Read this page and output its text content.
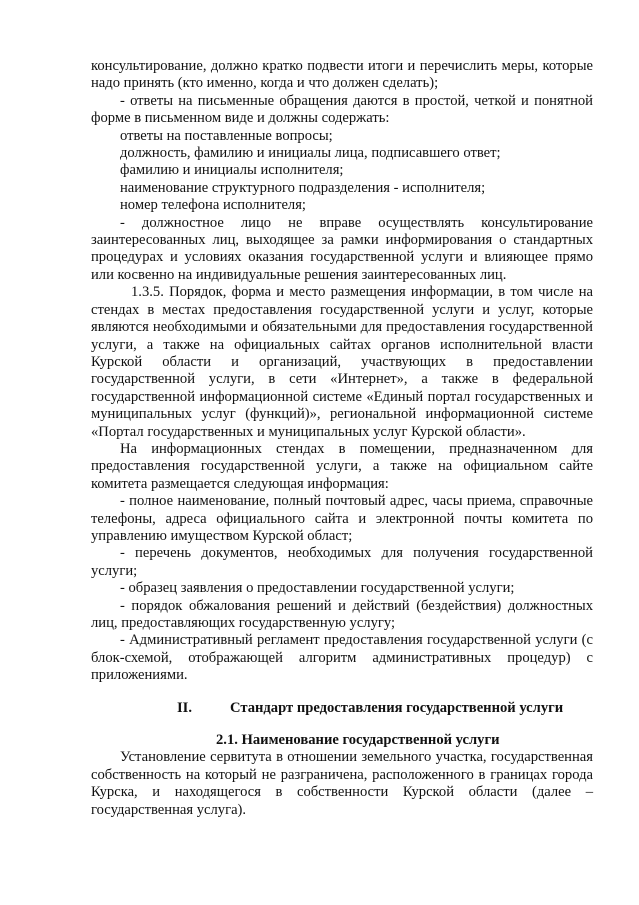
консультирование, должно кратко подвести итоги и перечислить меры, которые надо принять (кто именно, когда и что должен сделать);

- ответы на письменные обращения даются в простой, четкой и понятной форме в письменном виде и должны содержать:

ответы на поставленные вопросы;

должность, фамилию и инициалы лица, подписавшего ответ;

фамилию и инициалы исполнителя;

наименование структурного подразделения - исполнителя;

номер телефона исполнителя;

- должностное лицо не вправе осуществлять консультирование заинтересованных лиц, выходящее за рамки информирования о стандартных процедурах и условиях оказания государственной услуги и влияющее прямо или косвенно на индивидуальные решения заинтересованных лиц.

1.3.5. Порядок, форма и место размещения информации, в том числе на стендах в местах предоставления государственной услуги и услуг, которые являются необходимыми и обязательными для предоставления государственной услуги, а также на официальных сайтах органов исполнительной власти Курской области и организаций, участвующих в предоставлении государственной услуги, в сети «Интернет», а также в федеральной государственной информационной системе «Единый портал государственных и муниципальных услуг (функций)», региональной информационной системе «Портал государственных и муниципальных услуг Курской области».

На информационных стендах в помещении, предназначенном для предоставления государственной услуги, а также на официальном сайте комитета размещается следующая информация:

- полное наименование, полный почтовый адрес, часы приема, справочные телефоны, адреса официального сайта и электронной почты комитета по управлению имуществом Курской област;

- перечень документов, необходимых для получения государственной услуги;

- образец заявления о предоставлении государственной услуги;

- порядок обжалования решений и действий (бездействия) должностных лиц, предоставляющих государственную услугу;

- Административный регламент предоставления государственной услуги (с блок-схемой, отображающей алгоритм административных процедур) с приложениями.

II.	Стандарт предоставления государственной услуги

2.1. Наименование государственной услуги

Установление сервитута в отношении земельного участка, государственная собственность на который не разграничена, расположенного в границах города Курска, и находящегося в собственности Курской области (далее – государственная услуга).
